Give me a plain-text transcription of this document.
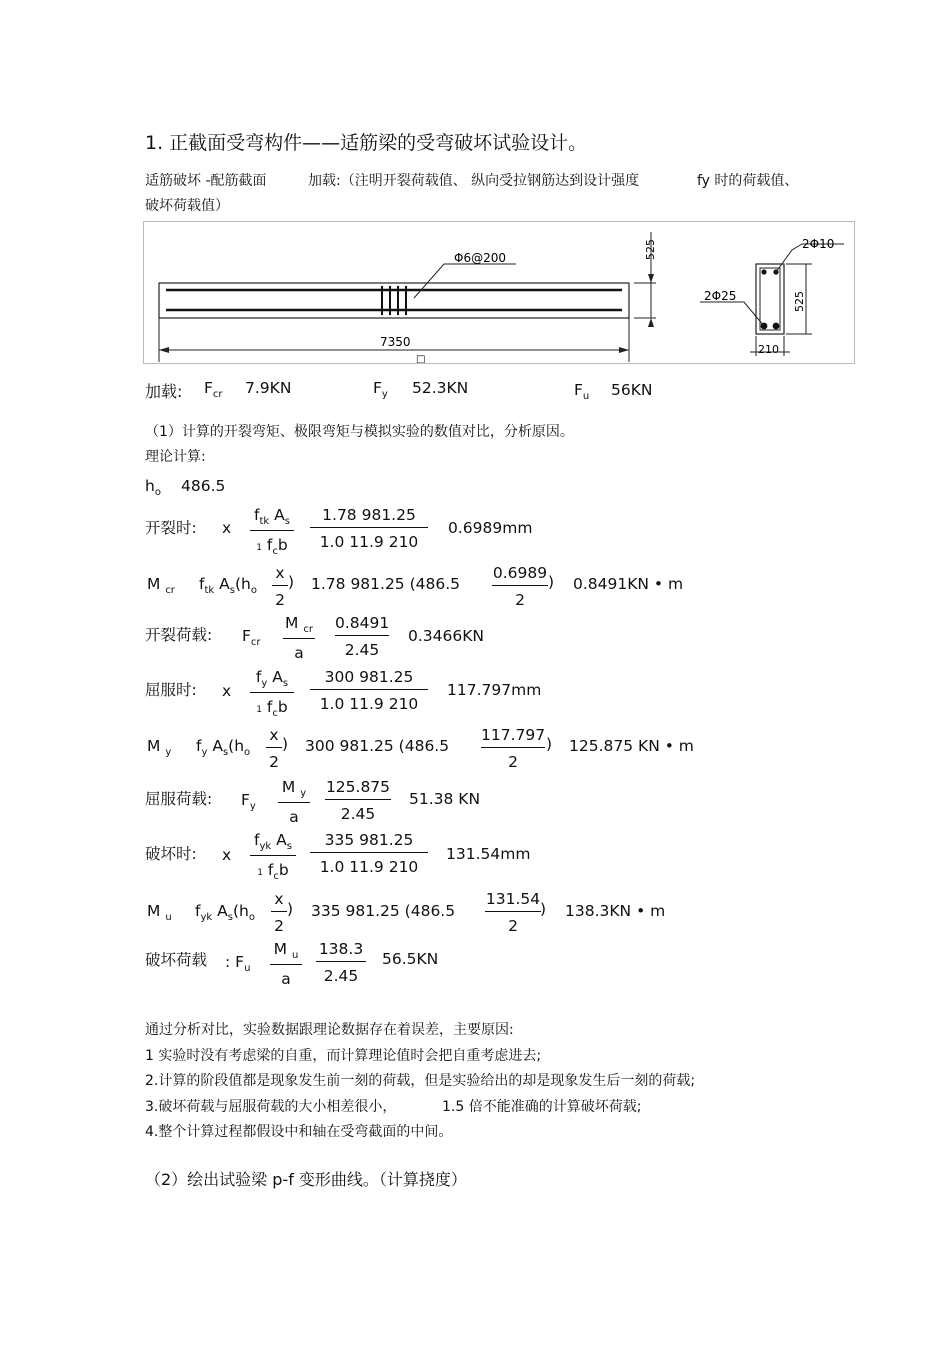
1. 正截面受弯构件——适筋梁的受弯破坏试验设计。
适筋破坏 -配筋截面	加载:（注明开裂荷载值、 纵向受拉钢筋达到设计强度	fy 时的荷载值、
破坏荷载值）
Φ6@200
7350
□
525	2Φ10
2Φ25	525
210
加载: $F_{cr}$ 7.9KN	$F_y$ 52.3KN	$F_u$ 56KN
（1）计算的开裂弯矩、极限弯矩与模拟实验的数值对比，分析原因。
理论计算:
$h_o$ 486.5
开裂时: x
$f_{tk}$ $A_s$
1 $f_cb$
1.78 981.25
1.0 11.9 210
0.6989mm
M $_{cr}$ $f_{tk}$ $A_s(h_o$
x
2
) 1.78 981.25 (486.5
0.6989
2
) 0.8491KN • m
开裂荷载: $F_{cr}$
M $_{cr}$
a
0.8491
2.45
0.3466KN
屈服时: x
$f_y$ $A_s$
1 $f_cb$
300 981.25
1.0 11.9 210
117.797mm
M $_y$ $f_y$ $A_s(h_o$
x
2
) 300 981.25 (486.5
117.797
2
) 125.875 KN • m
屈服荷载: $F_y$
M $_y$
a
125.875
2.45
51.38 KN
破坏时: x
$f_{yk}$ $A_s$
1 $f_cb$
335 981.25
1.0 11.9 210
131.54mm
M $_u$ $f_{yk}$ $A_s(h_o$
x
2
) 335 981.25 (486.5
131.54
2
) 138.3KN • m
破坏荷载 : $F_u$
M $_u$
a
138.3
2.45
56.5KN
通过分析对比，实验数据跟理论数据存在着误差，主要原因:
1 实验时没有考虑梁的自重，而计算理论值时会把自重考虑进去;
2.计算的阶段值都是现象发生前一刻的荷载，但是实验给出的却是现象发生后一刻的荷载;
3.破坏荷载与屈服荷载的大小相差很小，	1.5 倍不能准确的计算破坏荷载;
4.整个计算过程都假设中和轴在受弯截面的中间。
（2）绘出试验梁 p-f 变形曲线。（计算挠度）
